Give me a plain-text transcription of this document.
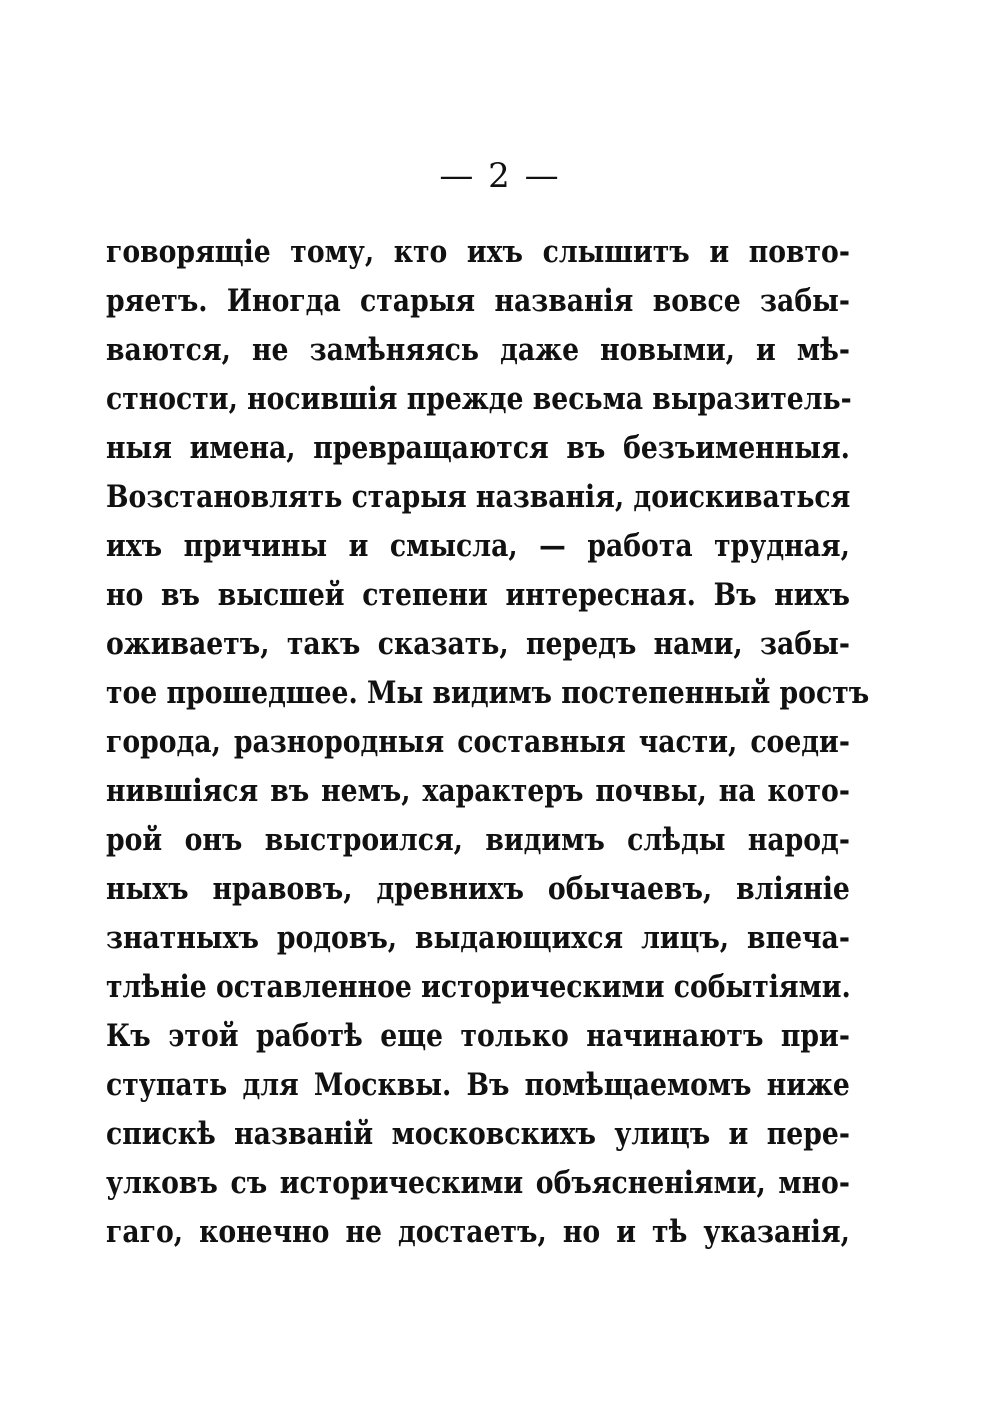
— 2 —
говорящіе тому, кто ихъ слышитъ и повто-
ряетъ. Иногда старыя названія вовсе забы-
ваются, не замѣняясь даже новыми, и мѣ-
стности, носившія прежде весьма выразитель-
ныя имена, превращаются въ безъименныя.
Возстановлять старыя названія, доискиваться
ихъ причины и смысла, — работа трудная,
но въ высшей степени интересная. Въ нихъ
оживаетъ, такъ сказать, передъ нами, забы-
тое прошедшее. Мы видимъ постепенный ростъ
города, разнородныя составныя части, соеди-
нившіяся въ немъ, характеръ почвы, на кото-
рой онъ выстроился, видимъ слѣды народ-
ныхъ нравовъ, древнихъ обычаевъ, вліяніе
знатныхъ родовъ, выдающихся лицъ, впеча-
тлѣніе оставленное историческими событіями.
Къ этой работѣ еще только начинаютъ при-
ступать для Москвы. Въ помѣщаемомъ ниже
спискѣ названій московскихъ улицъ и пере-
улковъ съ историческими объясненіями, мно-
гаго, конечно не достаетъ, но и тѣ указанія,
